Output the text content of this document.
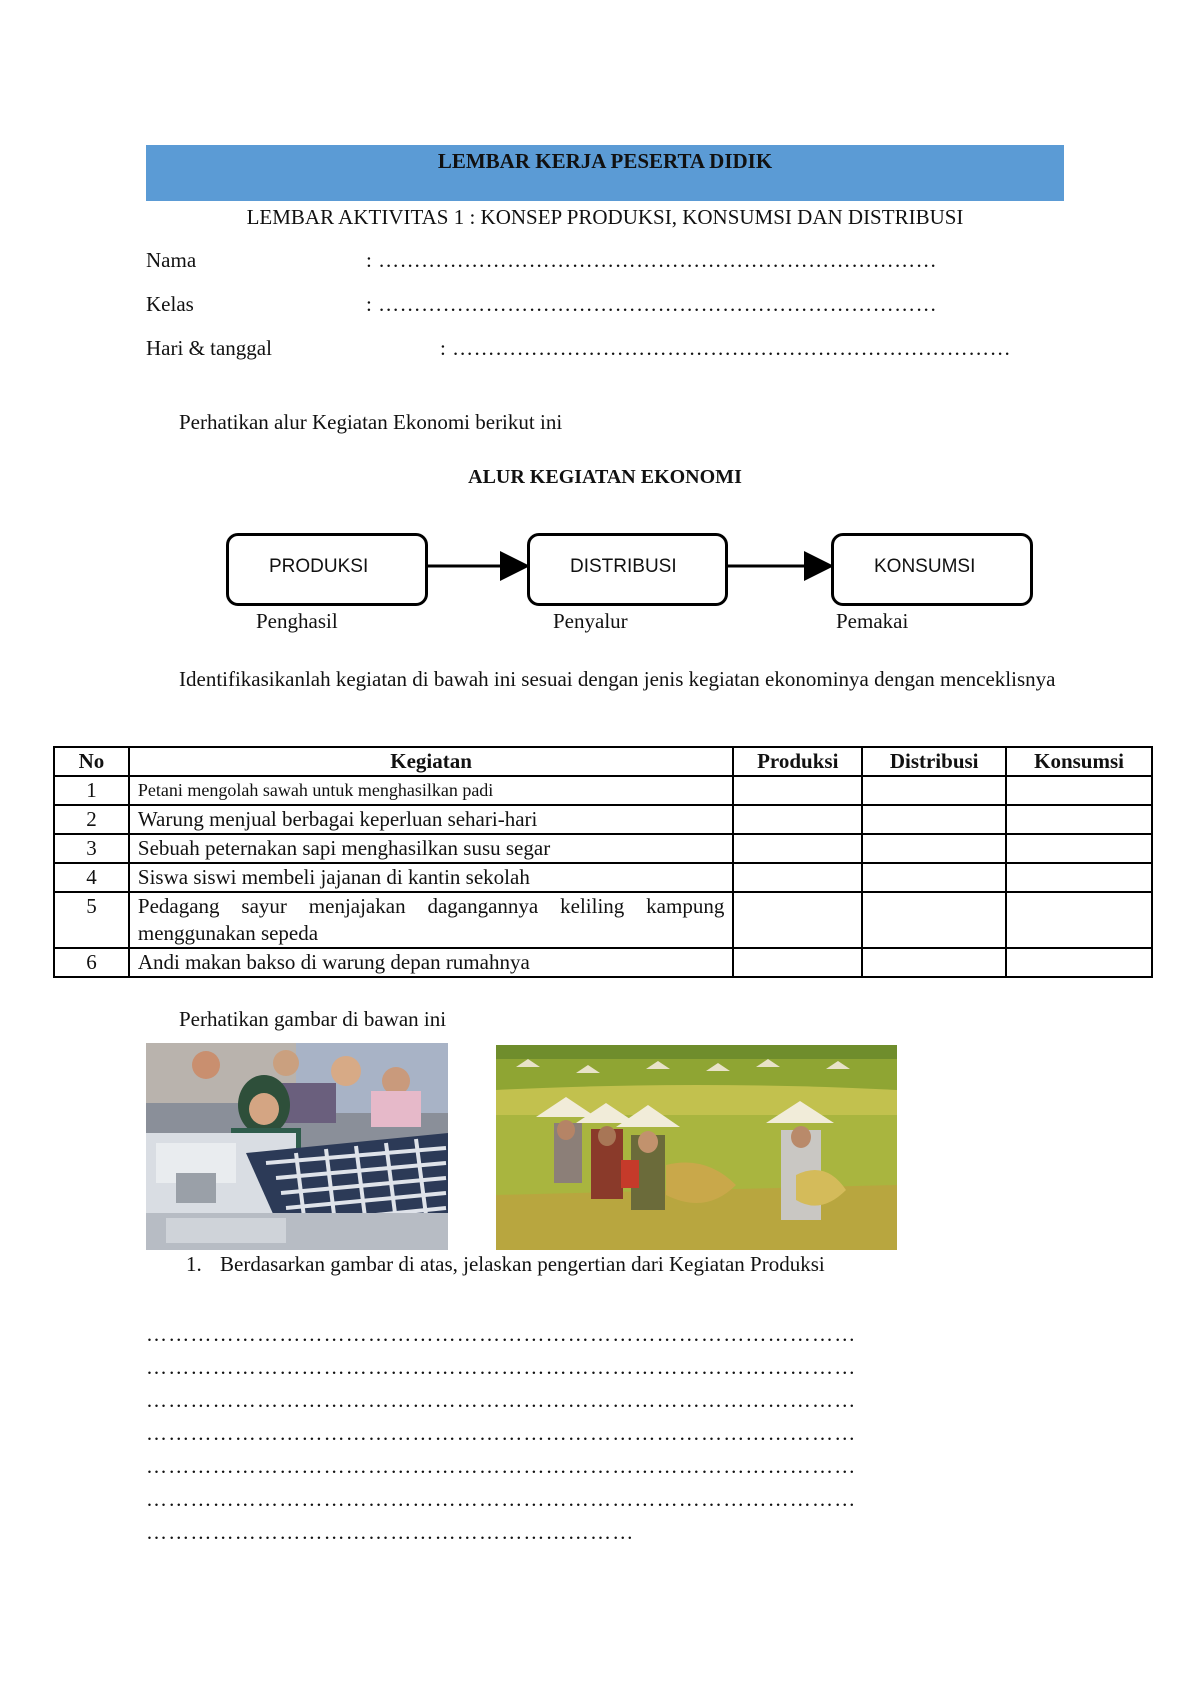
LEMBAR KERJA PESERTA DIDIK
LEMBAR AKTIVITAS 1 : KONSEP PRODUKSI, KONSUMSI DAN DISTRIBUSI
Nama	: ……………………………………………………………………
Kelas	: ……………………………………………………………………
Hari & tanggal	: ……………………………………………………………………
Perhatikan alur Kegiatan Ekonomi berikut ini
ALUR KEGIATAN EKONOMI
PRODUKSI	DISTRIBUSI	KONSUMSI
Penghasil	Penyalur	Pemakai
Identifikasikanlah kegiatan di bawah ini sesuai dengan jenis kegiatan ekonominya dengan menceklisnya
No	Kegiatan	Produksi	Distribusi	Konsumsi
1	Petani mengolah sawah untuk menghasilkan padi			
2	Warung menjual berbagai keperluan sehari-hari			
3	Sebuah peternakan sapi menghasilkan susu segar			
4	Siswa siswi membeli jajanan di kantin sekolah			
5	Pedagang sayur menjajakan dagangannya keliling kampung menggunakan sepeda			
6	Andi makan bakso di warung depan rumahnya			
Perhatikan gambar di bawan ini
1. Berdasarkan gambar di atas, jelaskan pengertian dari Kegiatan Produksi
……………………………………………………………………………………
……………………………………………………………………………………
……………………………………………………………………………………
……………………………………………………………………………………
……………………………………………………………………………………
……………………………………………………………………………………
…………………………………………………………
